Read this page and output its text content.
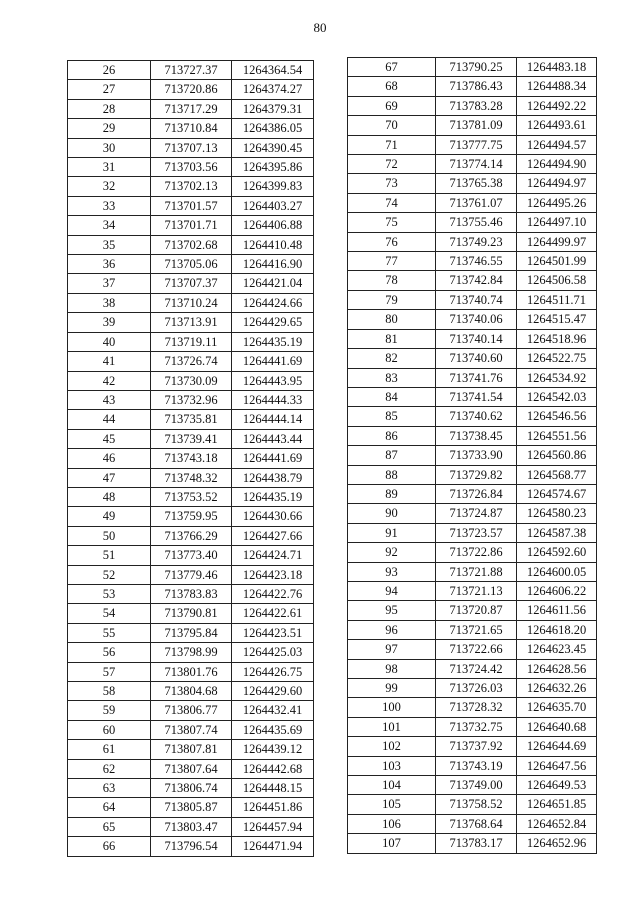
80
26	713727.37	1264364.54
27	713720.86	1264374.27
28	713717.29	1264379.31
29	713710.84	1264386.05
30	713707.13	1264390.45
31	713703.56	1264395.86
32	713702.13	1264399.83
33	713701.57	1264403.27
34	713701.71	1264406.88
35	713702.68	1264410.48
36	713705.06	1264416.90
37	713707.37	1264421.04
38	713710.24	1264424.66
39	713713.91	1264429.65
40	713719.11	1264435.19
41	713726.74	1264441.69
42	713730.09	1264443.95
43	713732.96	1264444.33
44	713735.81	1264444.14
45	713739.41	1264443.44
46	713743.18	1264441.69
47	713748.32	1264438.79
48	713753.52	1264435.19
49	713759.95	1264430.66
50	713766.29	1264427.66
51	713773.40	1264424.71
52	713779.46	1264423.18
53	713783.83	1264422.76
54	713790.81	1264422.61
55	713795.84	1264423.51
56	713798.99	1264425.03
57	713801.76	1264426.75
58	713804.68	1264429.60
59	713806.77	1264432.41
60	713807.74	1264435.69
61	713807.81	1264439.12
62	713807.64	1264442.68
63	713806.74	1264448.15
64	713805.87	1264451.86
65	713803.47	1264457.94
66	713796.54	1264471.94
67	713790.25	1264483.18
68	713786.43	1264488.34
69	713783.28	1264492.22
70	713781.09	1264493.61
71	713777.75	1264494.57
72	713774.14	1264494.90
73	713765.38	1264494.97
74	713761.07	1264495.26
75	713755.46	1264497.10
76	713749.23	1264499.97
77	713746.55	1264501.99
78	713742.84	1264506.58
79	713740.74	1264511.71
80	713740.06	1264515.47
81	713740.14	1264518.96
82	713740.60	1264522.75
83	713741.76	1264534.92
84	713741.54	1264542.03
85	713740.62	1264546.56
86	713738.45	1264551.56
87	713733.90	1264560.86
88	713729.82	1264568.77
89	713726.84	1264574.67
90	713724.87	1264580.23
91	713723.57	1264587.38
92	713722.86	1264592.60
93	713721.88	1264600.05
94	713721.13	1264606.22
95	713720.87	1264611.56
96	713721.65	1264618.20
97	713722.66	1264623.45
98	713724.42	1264628.56
99	713726.03	1264632.26
100	713728.32	1264635.70
101	713732.75	1264640.68
102	713737.92	1264644.69
103	713743.19	1264647.56
104	713749.00	1264649.53
105	713758.52	1264651.85
106	713768.64	1264652.84
107	713783.17	1264652.96
